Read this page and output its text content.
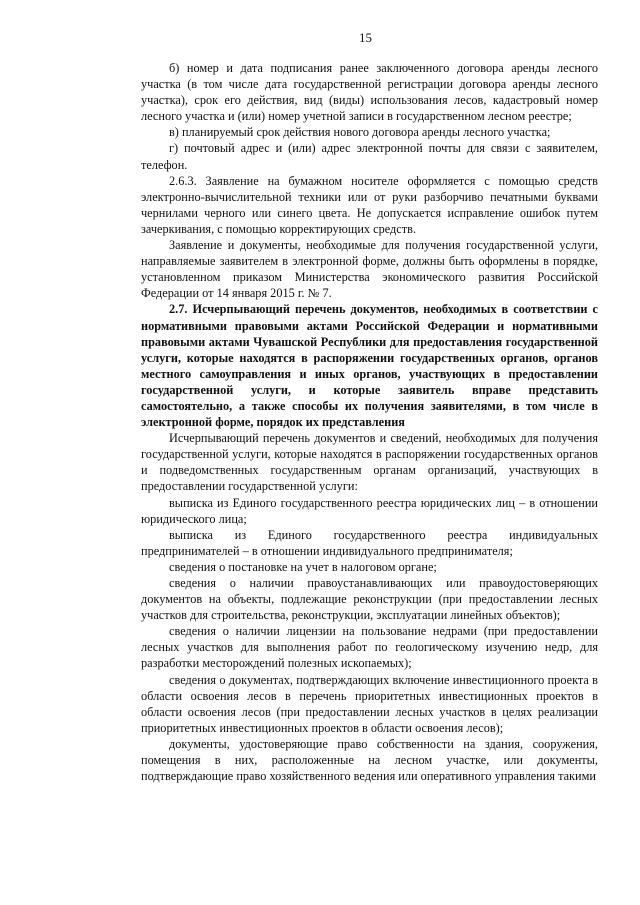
15

б) номер и дата подписания ранее заключенного договора аренды лесного участка (в том числе дата государственной регистрации договора аренды лесного участка), срок его действия, вид (виды) использования лесов, кадастровый номер лесного участка и (или) номер учетной записи в государственном лесном реестре;

в) планируемый срок действия нового договора аренды лесного участка;

г) почтовый адрес и (или) адрес электронной почты для связи с заявителем, телефон.

2.6.3. Заявление на бумажном носителе оформляется с помощью средств электронно-вычислительной техники или от руки разборчиво печатными буквами чернилами черного или синего цвета. Не допускается исправление ошибок путем зачеркивания, с помощью корректирующих средств.

Заявление и документы, необходимые для получения государственной услуги, направляемые заявителем в электронной форме, должны быть оформлены в порядке, установленном приказом Министерства экономического развития Российской Федерации от 14 января 2015 г. № 7.

2.7. Исчерпывающий перечень документов, необходимых в соответствии с нормативными правовыми актами Российской Федерации и нормативными правовыми актами Чувашской Республики для предоставления государственной услуги, которые находятся в распоряжении государственных органов, органов местного самоуправления и иных органов, участвующих в предоставлении государственной услуги, и которые заявитель вправе представить самостоятельно, а также способы их получения заявителями, в том числе в электронной форме, порядок их представления

Исчерпывающий перечень документов и сведений, необходимых для получения государственной услуги, которые находятся в распоряжении государственных органов и подведомственных государственным органам организаций, участвующих в предоставлении государственной услуги:

выписка из Единого государственного реестра юридических лиц – в отношении юридического лица;

выписка из Единого государственного реестра индивидуальных предпринимателей – в отношении индивидуального предпринимателя;

сведения о постановке на учет в налоговом органе;

сведения о наличии правоустанавливающих или правоудостоверяющих документов на объекты, подлежащие реконструкции (при предоставлении лесных участков для строительства, реконструкции, эксплуатации линейных объектов);

сведения о наличии лицензии на пользование недрами (при предоставлении лесных участков для выполнения работ по геологическому изучению недр, для разработки месторождений полезных ископаемых);

сведения о документах, подтверждающих включение инвестиционного проекта в области освоения лесов в перечень приоритетных инвестиционных проектов в области освоения лесов (при предоставлении лесных участков в целях реализации приоритетных инвестиционных проектов в области освоения лесов);

документы, удостоверяющие право собственности на здания, сооружения, помещения в них, расположенные на лесном участке, или документы, подтверждающие право хозяйственного ведения или оперативного управления такими
